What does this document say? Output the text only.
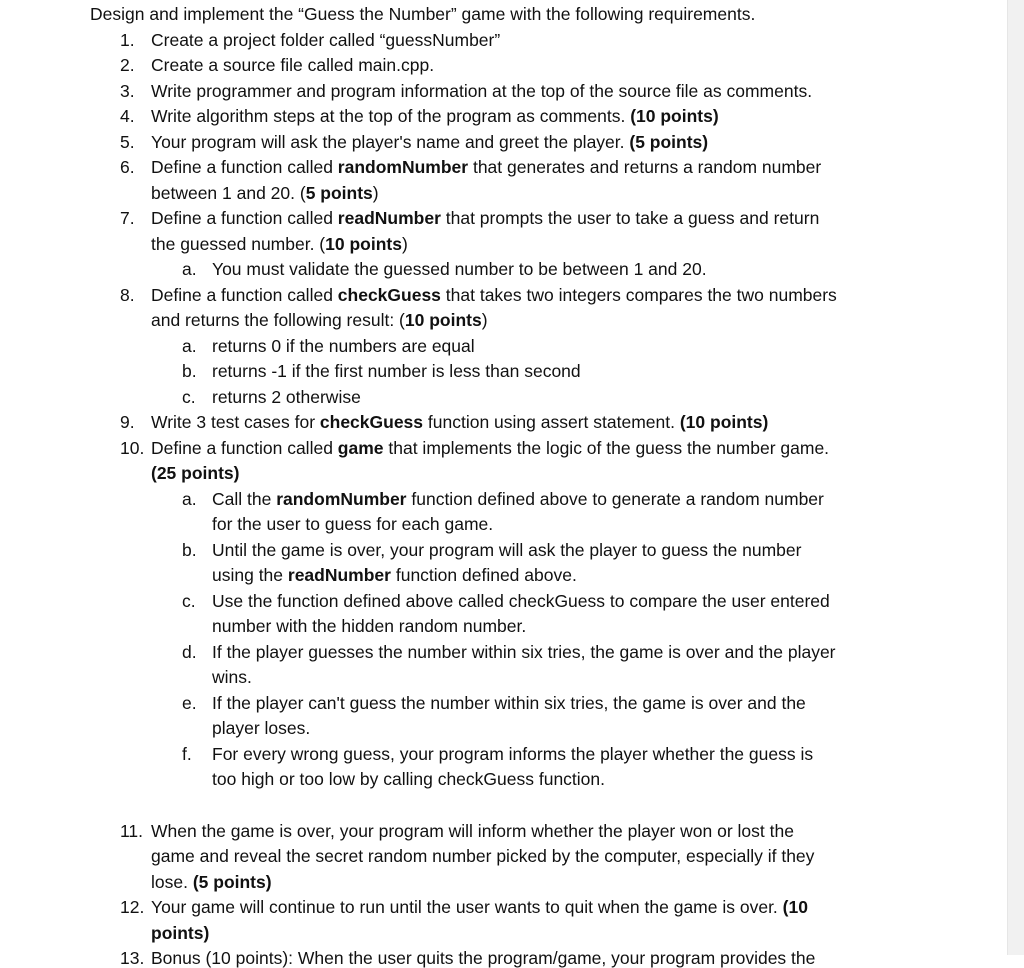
Design and implement the “Guess the Number” game with the following requirements.
1. Create a project folder called “guessNumber”
2. Create a source file called main.cpp.
3. Write programmer and program information at the top of the source file as comments.
4. Write algorithm steps at the top of the program as comments. (10 points)
5. Your program will ask the player's name and greet the player. (5 points)
6. Define a function called randomNumber that generates and returns a random number
between 1 and 20. (5 points)
7. Define a function called readNumber that prompts the user to take a guess and return
the guessed number. (10 points)
a. You must validate the guessed number to be between 1 and 20.
8. Define a function called checkGuess that takes two integers compares the two numbers
and returns the following result: (10 points)
a. returns 0 if the numbers are equal
b. returns -1 if the first number is less than second
c. returns 2 otherwise
9. Write 3 test cases for checkGuess function using assert statement. (10 points)
10. Define a function called game that implements the logic of the guess the number game.
(25 points)
a. Call the randomNumber function defined above to generate a random number
for the user to guess for each game.
b. Until the game is over, your program will ask the player to guess the number
using the readNumber function defined above.
c. Use the function defined above called checkGuess to compare the user entered
number with the hidden random number.
d. If the player guesses the number within six tries, the game is over and the player
wins.
e. If the player can't guess the number within six tries, the game is over and the
player loses.
f. For every wrong guess, your program informs the player whether the guess is
too high or too low by calling checkGuess function.
11. When the game is over, your program will inform whether the player won or lost the
game and reveal the secret random number picked by the computer, especially if they
lose. (5 points)
12. Your game will continue to run until the user wants to quit when the game is over. (10
points)
13. Bonus (10 points): When the user quits the program/game, your program provides the
